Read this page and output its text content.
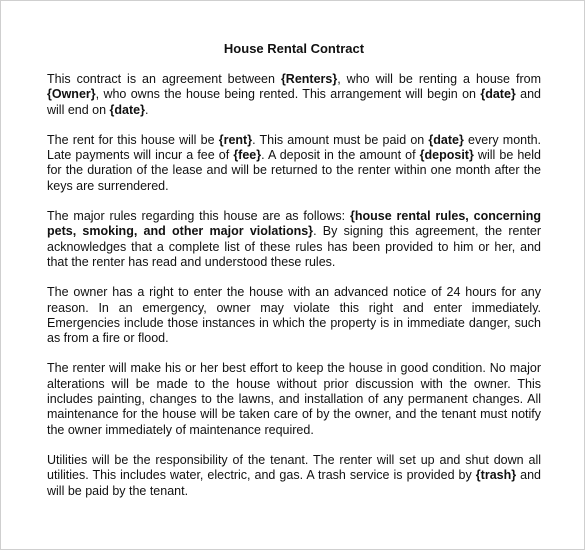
House Rental Contract

This contract is an agreement between {Renters}, who will be renting a house from {Owner}, who owns the house being rented. This arrangement will begin on {date} and will end on {date}.

The rent for this house will be {rent}. This amount must be paid on {date} every month. Late payments will incur a fee of {fee}. A deposit in the amount of {deposit} will be held for the duration of the lease and will be returned to the renter within one month after the keys are surrendered.

The major rules regarding this house are as follows: {house rental rules, concerning pets, smoking, and other major violations}. By signing this agreement, the renter acknowledges that a complete list of these rules has been provided to him or her, and that the renter has read and understood these rules.

The owner has a right to enter the house with an advanced notice of 24 hours for any reason. In an emergency, owner may violate this right and enter immediately. Emergencies include those instances in which the property is in immediate danger, such as from a fire or flood.

The renter will make his or her best effort to keep the house in good condition. No major alterations will be made to the house without prior discussion with the owner. This includes painting, changes to the lawns, and installation of any permanent changes. All maintenance for the house will be taken care of by the owner, and the tenant must notify the owner immediately of maintenance required.

Utilities will be the responsibility of the tenant. The renter will set up and shut down all utilities. This includes water, electric, and gas. A trash service is provided by {trash} and will be paid by the tenant.
